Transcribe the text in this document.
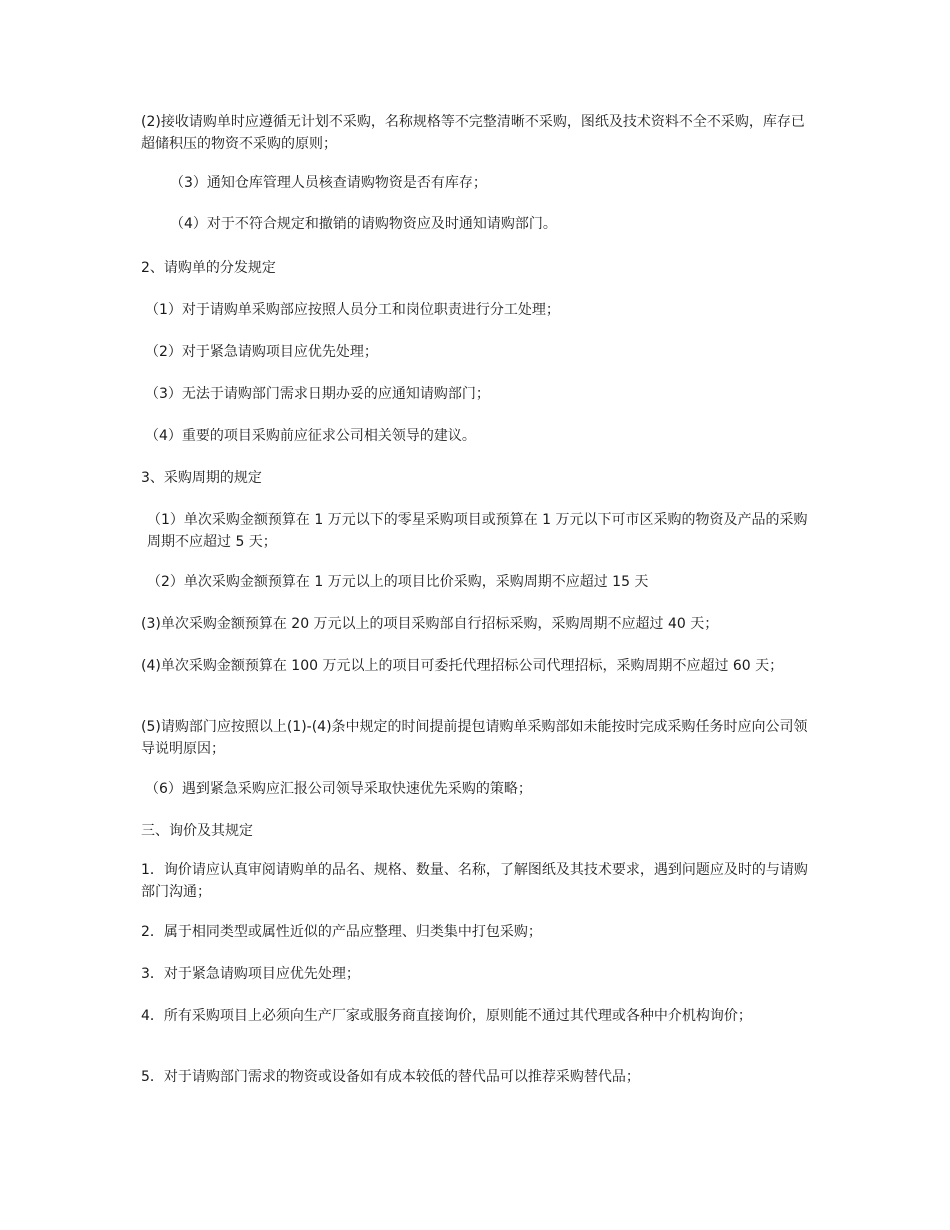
(2)接收请购单时应遵循无计划不采购，名称规格等不完整清晰不采购，图纸及技术资料不全不采购，库存已超储积压的物资不采购的原则；

（3）通知仓库管理人员核查请购物资是否有库存；

（4）对于不符合规定和撤销的请购物资应及时通知请购部门。

2、请购单的分发规定

（1）对于请购单采购部应按照人员分工和岗位职责进行分工处理；

（2）对于紧急请购项目应优先处理；

（3）无法于请购部门需求日期办妥的应通知请购部门；

（4）重要的项目采购前应征求公司相关领导的建议。

3、采购周期的规定

（1）单次采购金额预算在 1 万元以下的零星采购项目或预算在 1 万元以下可市区采购的物资及产品的采购周期不应超过 5 天；

（2）单次采购金额预算在 1 万元以上的项目比价采购，采购周期不应超过 15 天

(3)单次采购金额预算在 20 万元以上的项目采购部自行招标采购，采购周期不应超过 40 天；

(4)单次采购金额预算在 100 万元以上的项目可委托代理招标公司代理招标，采购周期不应超过 60 天；

(5)请购部门应按照以上(1)-(4)条中规定的时间提前提包请购单采购部如未能按时完成采购任务时应向公司领导说明原因；

（6）遇到紧急采购应汇报公司领导采取快速优先采购的策略；

三、询价及其规定

1．询价请应认真审阅请购单的品名、规格、数量、名称，了解图纸及其技术要求，遇到问题应及时的与请购部门沟通；

2．属于相同类型或属性近似的产品应整理、归类集中打包采购；

3．对于紧急请购项目应优先处理；

4．所有采购项目上必须向生产厂家或服务商直接询价，原则能不通过其代理或各种中介机构询价；

5．对于请购部门需求的物资或设备如有成本较低的替代品可以推荐采购替代品；
